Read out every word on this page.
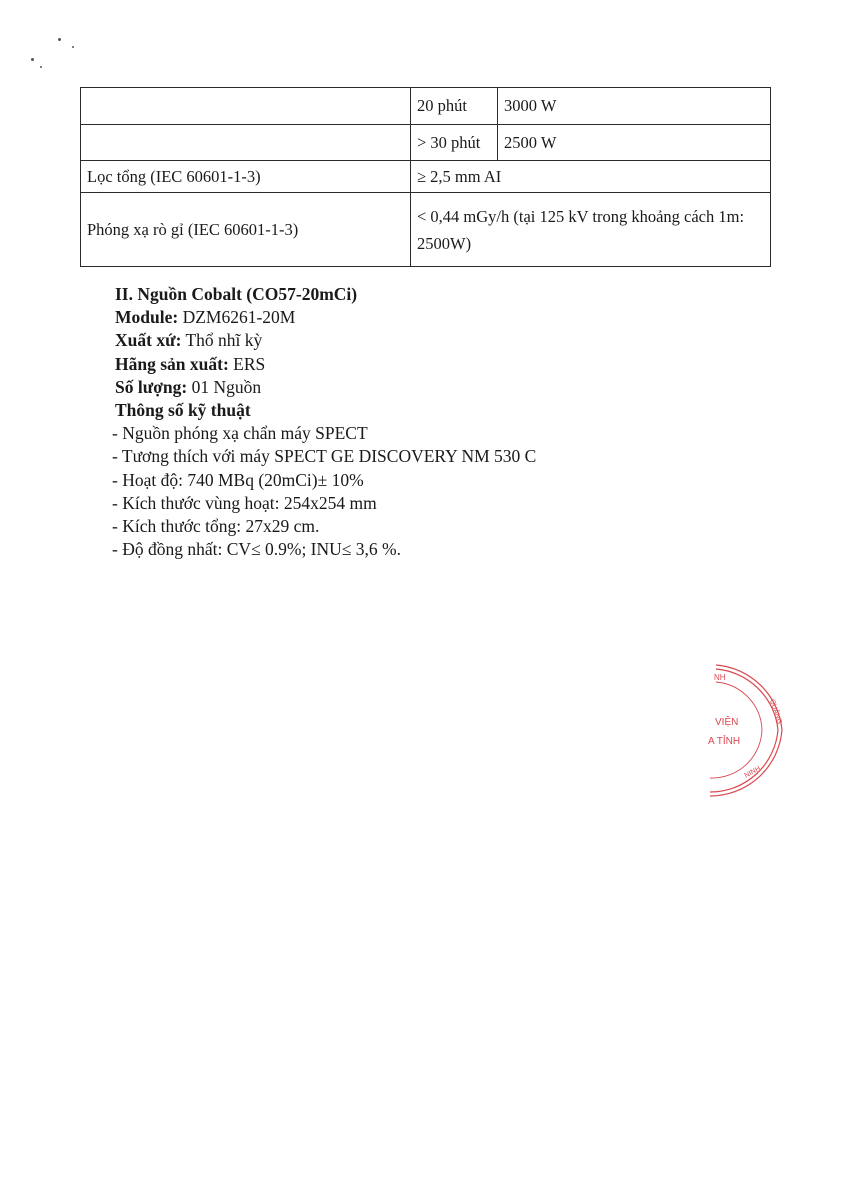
	20 phút	3000 W
	> 30 phút	2500 W
Lọc tổng (IEC 60601-1-3)	≥ 2,5 mm AI	
Phóng xạ rò gỉ (IEC 60601-1-3)	< 0,44 mGy/h (tại 125 kV trong khoảng cách 1m: 2500W)	
II. Nguồn Cobalt (CO57-20mCi)
Module: DZM6261-20M
Xuất xứ: Thổ nhĩ kỳ
Hãng sản xuất: ERS
Số lượng: 01 Nguồn
Thông số kỹ thuật
- Nguồn phóng xạ chẩn máy SPECT
- Tương thích với máy SPECT GE DISCOVERY NM 530 C
- Hoạt độ: 740 MBq (20mCi)± 10%
- Kích thước vùng hoạt: 254x254 mm
- Kích thước tổng: 27x29 cm.
- Độ đồng nhất: CV≤ 0.9%; INU≤ 3,6 %.
NH
QUẢNG
VIỆN
A TỈNH
NINH
